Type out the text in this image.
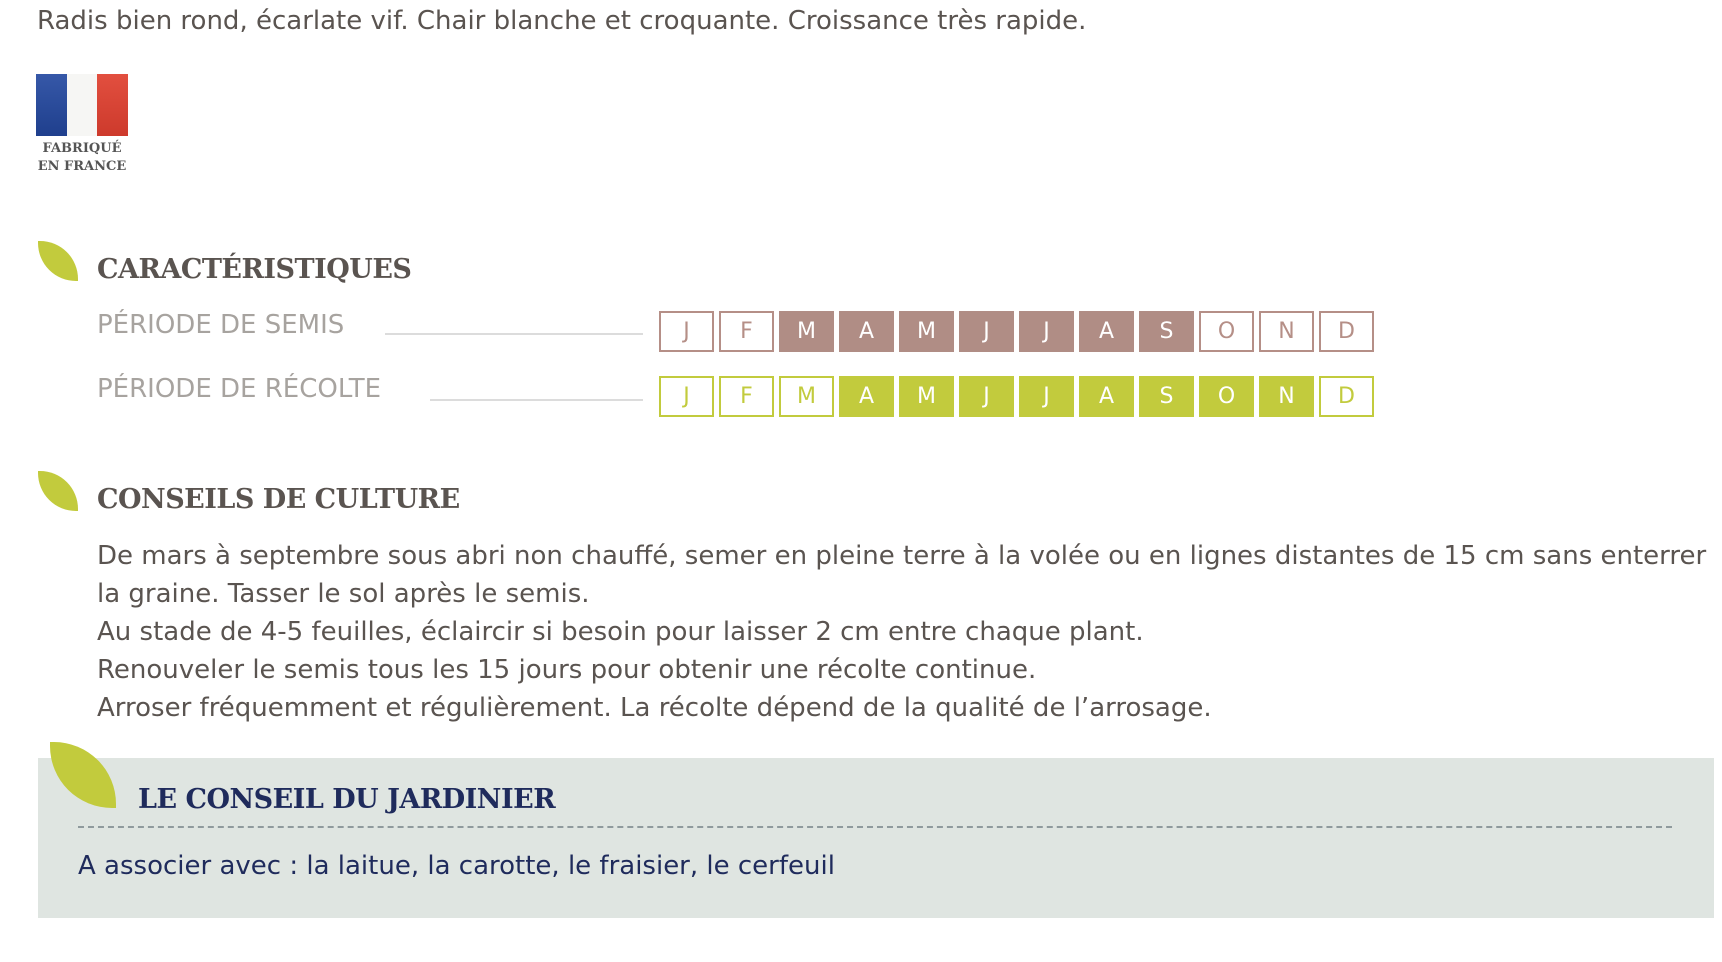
Radis bien rond, écarlate vif. Chair blanche et croquante. Croissance très rapide.

FABRIQUÉ
EN FRANCE
CARACTÉRISTIQUES
PÉRIODE DE SEMIS	J	F	M	A	M	J	J	A	S	O	N	D
PÉRIODE DE RÉCOLTE	J	F	M	A	M	J	J	A	S	O	N	D
CONSEILS DE CULTURE

De mars à septembre sous abri non chauffé, semer en pleine terre à la volée ou en lignes distantes de 15 cm sans enterrer la graine. Tasser le sol après le semis.

Au stade de 4-5 feuilles, éclaircir si besoin pour laisser 2 cm entre chaque plant.

Renouveler le semis tous les 15 jours pour obtenir une récolte continue.

Arroser fréquemment et régulièrement. La récolte dépend de la qualité de l’arrosage.

LE CONSEIL DU JARDINIER
A associer avec : la laitue, la carotte, le fraisier, le cerfeuil
